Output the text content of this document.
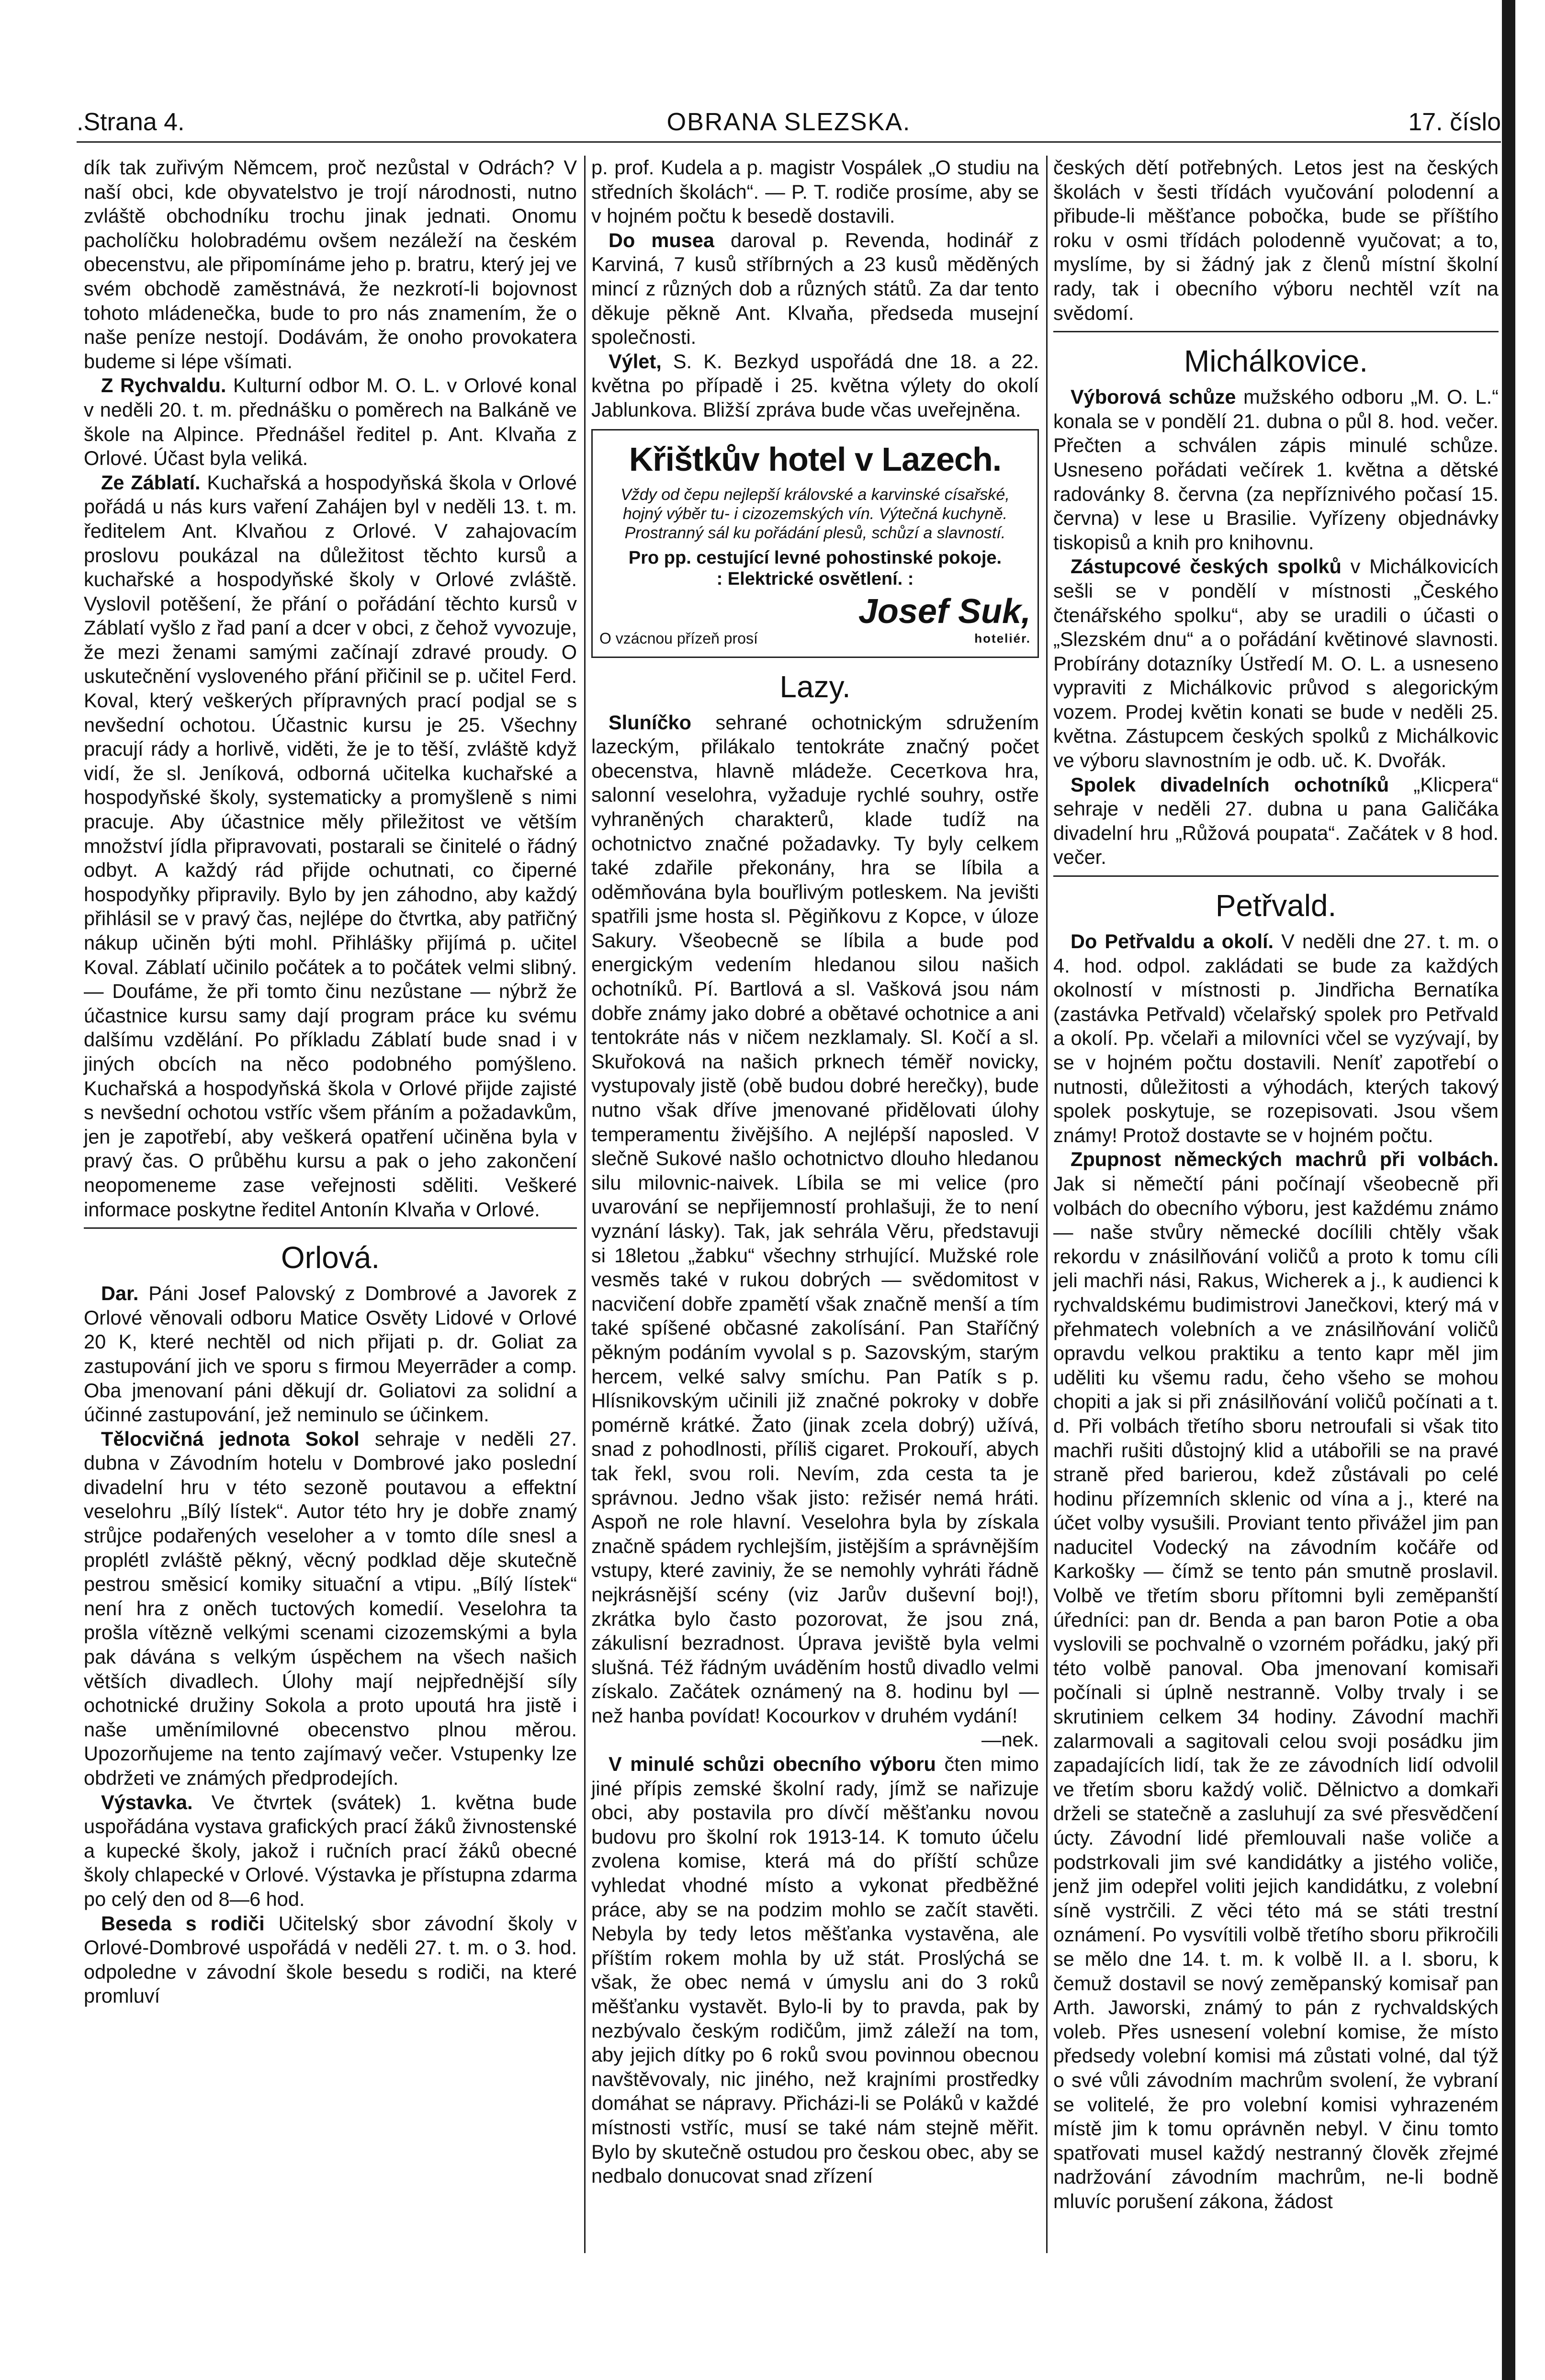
.Strana 4.	OBRANA SLEZSKA.	17. číslo

dík tak zuřivým Němcem, proč nezůstal v Odrách? V naší obci, kde obyvatelstvo je trojí národnosti, nutno zvláště obchodníku trochu jinak jednati. Onomu pacholíčku holobradému ovšem nezáleží na českém obecenstvu, ale připomínáme jeho p. bratru, který jej ve svém obchodě zaměstnává, že nezkrotí-li bojovnost tohoto mládenečka, bude to pro nás znamením, že o naše peníze nestojí. Dodávám, že onoho provokatera budeme si lépe všímati.

Z Rychvaldu. Kulturní odbor M. O. L. v Orlové konal v neděli 20. t. m. přednášku o poměrech na Balkáně ve škole na Alpince. Přednášel ředitel p. Ant. Klvaňa z Orlové. Účast byla veliká.

Ze Záblatí. Kuchařská a hospodyňská škola v Orlové pořádá u nás kurs vaření Zahájen byl v neděli 13. t. m. ředitelem Ant. Klvaňou z Orlové. V zahajovacím proslovu poukázal na důležitost těchto kursů a kuchařské a hospodyňské školy v Orlové zvláště. Vyslovil potěšení, že přání o pořádání těchto kursů v Záblatí vyšlo z řad paní a dcer v obci, z čehož vyvozuje, že mezi ženami samými začínají zdravé proudy. O uskutečnění vysloveného přání přičinil se p. učitel Ferd. Koval, který veškerých přípravných prací podjal se s nevšední ochotou. Účastnic kursu je 25. Všechny pracují rády a horlivě, viděti, že je to těší, zvláště když vidí, že sl. Jeníková, odborná učitelka kuchařské a hospodyňské školy, systematicky a promyšleně s nimi pracuje. Aby účastnice měly přiležitost ve větším množství jídla připravovati, postarali se činitelé o řádný odbyt. A každý rád přijde ochutnati, co čiperné hospodyňky připravily. Bylo by jen záhodno, aby každý přihlásil se v pravý čas, nejlépe do čtvrtka, aby patřičný nákup učiněn býti mohl. Přihlášky přijímá p. učitel Koval. Záblatí učinilo počátek a to počátek velmi slibný. — Doufáme, že při tomto činu nezůstane — nýbrž že účastnice kursu samy dají program práce ku svému dalšímu vzdělání. Po příkladu Záblatí bude snad i v jiných obcích na něco podobného pomýšleno. Kuchařská a hospodyňská škola v Orlové přijde zajisté s nevšední ochotou vstříc všem přáním a požadavkům, jen je zapotřebí, aby veškerá opatření učiněna byla v pravý čas. O průběhu kursu a pak o jeho zakončení neopomeneme zase veřejnosti sděliti. Veškeré informace poskytne ředitel Antonín Klvaňa v Orlové.

Orlová.

Dar. Páni Josef Palovský z Dombrové a Javorek z Orlové věnovali odboru Matice Osvěty Lidové v Orlové 20 K, které nechtěl od nich přijati p. dr. Goliat za zastupování jich ve sporu s firmou Meyerrāder a comp. Oba jmenovaní páni děkují dr. Goliatovi za solidní a účinné zastupování, jež neminulo se účinkem.

Tělocvičná jednota Sokol sehraje v neděli 27. dubna v Závodním hotelu v Dombrové jako poslední divadelní hru v této sezoně poutavou a effektní veseloհru „Bílý lístek“. Autor této hry je dobře znamý strůjce podařených veseloher a v tomto díle snesl a proplétl zvláště pěkný, věcný podklad děje skutečně pestrou směsicí komiky situační a vtipu. „Bílý lístek“ není hra z oněch tuctových komedií. Veselohra ta prošla vítězně velkými scenami cizozemskými a byla pak dávána s velkým úspěchem na všech našich větších divadlech. Úlohy mají nejpřednější síly ochotnické družiny Sokola a proto upoutá hra jistě i naše uměnímilovné obecenstvo plnou měrou. Upozorňujeme na tento zajímavý večer. Vstupenky lze obdržeti ve známých předprodejích.

Výstavka. Ve čtvrtek (svátek) 1. května bude uspořádána vystava grafických prací žáků živnostenské a kupecké školy, jakož i ručních prací žáků obecné školy chlapecké v Orlové. Výstavka je přístupna zdarma po celý den od 8—6 hod.

Beseda s rodiči Učitelský sbor závodní školy v Orlové-Dombrové uspořádá v neděli 27. t. m. o 3. hod. odpoledne v závodní škole besedu s rodiči, na které promluví

p. prof. Kudela a p. magistr Vospálek „O studiu na středních školách“. — P. T. rodiče prosíme, aby se v hojném počtu k besedě dostavili.

Do musea daroval p. Revenda, hodinář z Karviná, 7 kusů stříbrných a 23 kusů měděných mincí z různých dob a různých států. Za dar tento děkuje pěkně Ant. Klvaňa, předseda musejní společnosti.

Výlet, S. K. Bezkyd uspořádá dne 18. a 22. května po případě i 25. května výlety do okolí Jablunkova. Bližší zpráva bude včas uveřejněna.

Křištkův hotel v Lazech.
Vždy od čepu nejlepší královské a karvinské císařské, hojný výběr tu- i cizozemských vín. Výtečná kuchyně. Prostranný sál ku pořádání plesů, schůzí a slavností.
Pro pp. cestující levné pohostinské pokoje.
: Elektrické osvětlení. :
O vzácnou přízeň prosí
Josef Suk,
hoteliér.
Lazy.

Sluníčko sehrané ochotnickým sdružením lazeckým, přilákalo tentokráte značný počet obecenstva, hlavně mládeže. Ceceтkova hra, salonní veselohra, vyžaduje rychlé souhry, ostře vyhraněných charakterů, kladе tudíž na ochotnictvo značné požadavky. Ty byly celkem také zdařile překonány, hra se líbila a oděmňována byla bouřlivým potleskem. Na jevišti spatřili jsme hosta sl. Pěgiňkovu z Kopce, v úloze Sakury. Všeobecně se líbila a bude pod energickým vedením hledanou silou našich ochotníků. Pí. Bartlová a sl. Vašková jsou nám dobře známy jako dobré a obětavé ochotnice a ani tentokráte nás v ničem nezklamaly. Sl. Kočí a sl. Skuřoková na našich prknech téměř novicky, vystupovaly jistě (obě budou dobré herečky), bude nutno však dříve jmenované přidělovati úlohy temperamentu živějšího. A nejlépší naposled. V slečně Sukové našlo ochotnictvo dlouho hledanou silu milovnic-naivek. Líbila se mi velice (pro uvarování se nepřijemností prohlašuji, že to není vyznání lásky). Tak, jak sehrála Věru, představuji si 18letou „žabku“ všechny strhující. Mužské role vesměs také v rukou dobrých — svědomitost v nacvičení dobře zpamětí však značně menší a tím také spíšené občasné zakolísání. Pan Staříčný pěkným podáním vyvolal s p. Sazovským, starým hercem, velké salvy smíchu. Pan Patík s p. Hlísnikovským učinili již značné pokroky v dobře pomérně krátké. Žato (jinak zcela dobrý) užívá, snad z pohodlnosti, příliš cigaret. Prokouří, abych tak řekl, svou roli. Nevím, zda cesta ta je správnou. Jedno však jisto: režisér nemá hráti. Aspoň ne role hlavní. Veselohra byla by získala značně spádem rychlejším, jistějším a správnějším vstupy, které zaviniy, že se nemohly vyhráti řádně nejkrásnější scény (viz Jarův duševní boj!), zkrátka bylo často pozorovat, že jsou zná, zákulisní bezradnost. Úprava jeviště byla velmi slušná. Též řádným uváděním hostů divadlo velmi získalo. Začátek oznámený na 8. hodinu byl — než hanba povídat! Kocourkov v druhém vydání!

—nek.

V minulé schůzi obecního výboru čten mimo jiné přípis zemské školní rady, jímž se nařizuje obci, aby postavila pro dívčí měšťanku novou budovu pro školní rok 1913-14. K tomuto účelu zvolena komise, která má do příští schůze vyhledat vhodné místo a vykonat předběžné práce, aby se na podzim mohlo se začít stavěti. Nebyla by tedy letos měšťanka vystavěna, ale příštím rokem mohla by už stát. Proslýchá se však, že obec nemá v úmyslu ani do 3 roků měšťanku vystavět. Bylo-li by to pravda, pak by nezbývalo českým rodičům, jimž záleží na tom, aby jejich dítky po 6 roků svou povinnou obecnou navštěvovaly, nic jiného, než krajními prostředky domáhat se nápravy. Přicházi-li se Poláků v každé místnosti vstříc, musí se také nám stejně měřit. Bylo by skutečně ostudou pro českou obec, aby se nedbalo donucovat snad zřízení

českých dětí potřebných. Letos jest na českých školách v šesti třídách vyučování polodenní a přibude-li měšťance pobočka, bude se příštího roku v osmi třídách polodenně vyučovat; a to, myslíme, by si žádný jak z členů místní školní rady, tak i obecního výboru nechtěl vzít na svědomí.

Michálkovice.

Výborová schůze mužského odboru „M. O. L.“ konala se v pondělí 21. dubna o půl 8. hod. večer. Přečten a schválen zápis minulé schůze. Usneseno pořádati večírek 1. května a dětské radovánky 8. června (za nepříznivého počasí 15. června) v lese u Brasilie. Vyřízeny objednávky tiskopisů a knih pro knihovnu.

Zástupcové českých spolků v Michálkovicích sešli se v pondělí v místnosti „Českého čtenářského spolku“, aby se uradili o účasti o „Slezském dnu“ a o pořádání květinové slavnosti. Probírány dotazníky Ústředí M. O. L. a usneseno vypraviti z Michálkovic průvod s alegorickým vozem. Prodej květin konati se bude v neděli 25. května. Zástupcem českých spolků z Michálkovic ve výboru slavnostním je odb. uč. K. Dvořák.

Spolek divadelních ochotníků „Klicpera“ sehraje v neděli 27. dubna u pana Galičáka divadelní hru „Růžová poupata“. Začátek v 8 hod. večer.

Petřvald.

Do Petřvaldu a okolí. V neděli dne 27. t. m. o 4. hod. odpol. zakládati se bude za každých okolností v místnosti p. Jindřicha Bernatíka (zastávka Petřvald) včelařský spolek pro Petřvald a okolí. Pp. včelaři a milovníci včel se vyzývají, by se v hojném počtu dostavili. Neníť zapotřebí o nutnosti, důležitosti a výhodách, kterých takový spolek poskytuje, se rozepisovati. Jsou všem známy! Protož dostavte se v hojném počtu.

Zpupnost německých machrů při volbách. Jak si němečtí páni počínají všeobecně při volbách do obecního výboru, jest každému známo — naše stvůry německé docílili chtěly však rekordu v znásilňování voličů a proto k tomu cíli jeli machři nási, Rakus, Wicherek a j., k audienci k rychvaldskému budimistrovi Janečkovi, který má v přehmatech volebních a ve znásilňování voličů opravdu velkou praktiku a tento kapr měl jim uděliti ku všemu radu, čeho všeho se mohou chopiti a jak si při znásilňování voličů počínati a t. d. Při volbách třetího sboru netroufali si však tito machři rušiti důstojný klid a utábořili se na pravé straně před barierou, kdež zůstávali po celé hodinu přízemních sklenic od vína a j., které na účet volby vysušili. Proviant tento přivážel jim pan naducitel Vodecký na závodním kočáře od Karkošky — čímž se tento pán smutně proslavil. Volbě ve třetím sboru přítomni byli zeměpanští úředníci: pan dr. Benda a pan baron Potie a oba vyslovili se pochvalně o vzorném pořádku, jaký při této volbě panoval. Oba jmenovaní komisaři počínali si úplně nestranně. Volby trvaly i se skrutiniem celkem 34 hodiny. Závodní machři zalarmovali a sagitovali celou svoji posádku jim zapadajících lidí, tak že ze závodních lidí odvolil ve třetím sboru každý volič. Dělnictvo a domkaři drželi se statečně a zasluhují za své přesvědčení úcty. Závodní lidé přemlouvali naše voliče a podstrkovali jim své kandidátky a jistého voliče, jenž jim odepřel voliti jejich kandidátku, z volební síně vystrčili. Z věci této má se státi trestní oznámení. Po vysvítili volbě třetího sboru přikročili se mělo dne 14. t. m. k volbě II. a I. sboru, k čemuž dostavil se nový zeměpanský komisař pan Arth. Jaworski, známý to pán z rychvaldských voleb. Přes usnesení volební komise, že místo předsedy volební komisi má zůstati volné, dal týž o své vůli závodním machrům svolení, že vybraní se volitelé, že pro volební komisi vyhrazeném místě jim k tomu oprávněn nebyl. V činu tomto spatřovati musel každý nestranný člověk zřejmé nadržování závodním machrům, ne-li bodně mluvíc porušení zákona, žádost
